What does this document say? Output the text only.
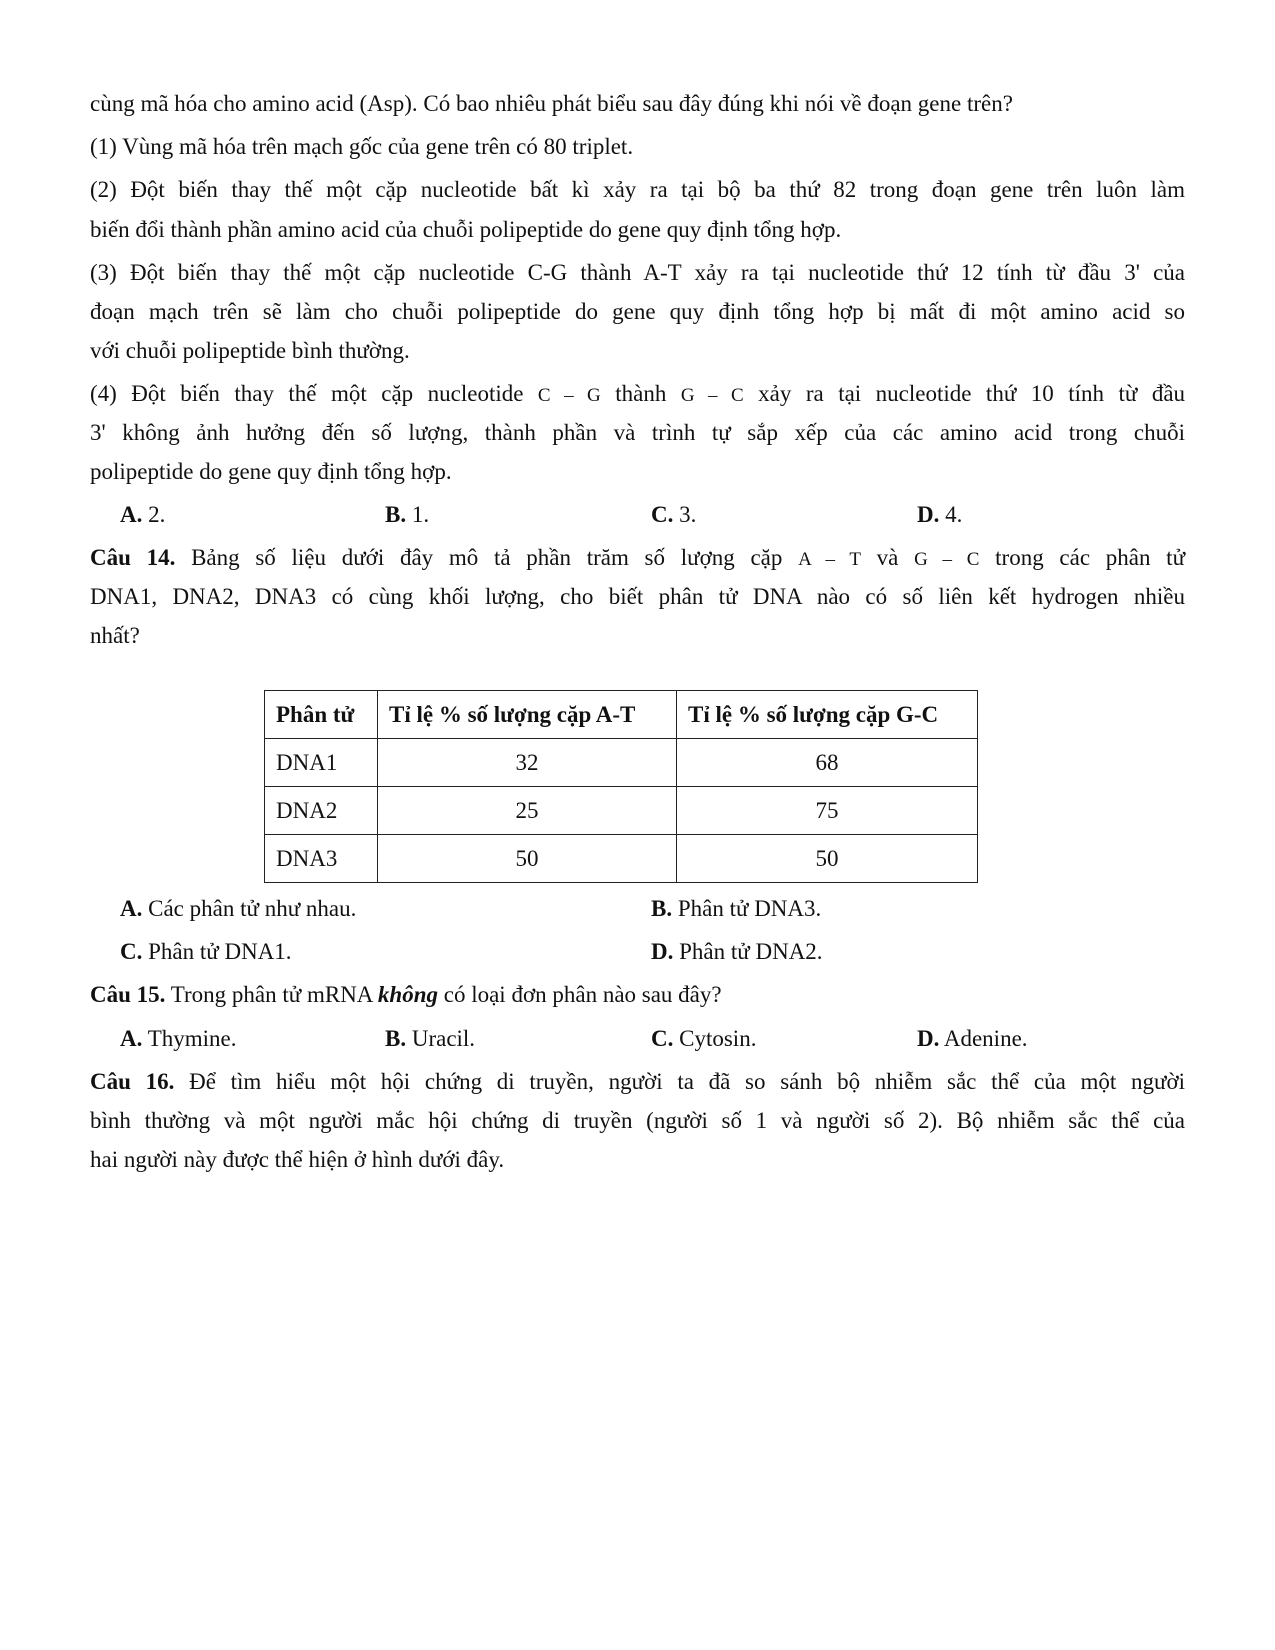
cùng mã hóa cho amino acid (Asp). Có bao nhiêu phát biểu sau đây đúng khi nói về đoạn gene trên?
(1) Vùng mã hóa trên mạch gốc của gene trên có 80 triplet.
(2) Đột biến thay thế một cặp nucleotide bất kì xảy ra tại bộ ba thứ 82 trong đoạn gene trên luôn làm
biến đổi thành phần amino acid của chuỗi polipeptide do gene quy định tổng hợp.
(3) Đột biến thay thế một cặp nucleotide C-G thành A-T xảy ra tại nucleotide thứ 12 tính từ đầu 3' của
đoạn mạch trên sẽ làm cho chuỗi polipeptide do gene quy định tổng hợp bị mất đi một amino acid so
với chuỗi polipeptide bình thường.
(4) Đột biến thay thế một cặp nucleotide C – G thành G – C xảy ra tại nucleotide thứ 10 tính từ đầu
3' không ảnh hưởng đến số lượng, thành phần và trình tự sắp xếp của các amino acid trong chuỗi
polipeptide do gene quy định tổng hợp.
A. 2.	B. 1.	C. 3.	D. 4.
Câu 14. Bảng số liệu dưới đây mô tả phần trăm số lượng cặp A – T và G – C trong các phân tử
DNA1, DNA2, DNA3 có cùng khối lượng, cho biết phân tử DNA nào có số liên kết hydrogen nhiều
nhất?
Phân tử	Tỉ lệ % số lượng cặp A-T	Tỉ lệ % số lượng cặp G-C
DNA1	32	68
DNA2	25	75
DNA3	50	50
A. Các phân tử như nhau.	B. Phân tử DNA3.
C. Phân tử DNA1.	D. Phân tử DNA2.
Câu 15. Trong phân tử mRNA không có loại đơn phân nào sau đây?
A. Thymine.	B. Uracil.	C. Cytosin.	D. Adenine.
Câu 16. Để tìm hiểu một hội chứng di truyền, người ta đã so sánh bộ nhiễm sắc thể của một người
bình thường và một người mắc hội chứng di truyền (người số 1 và người số 2). Bộ nhiễm sắc thể của
hai người này được thể hiện ở hình dưới đây.
